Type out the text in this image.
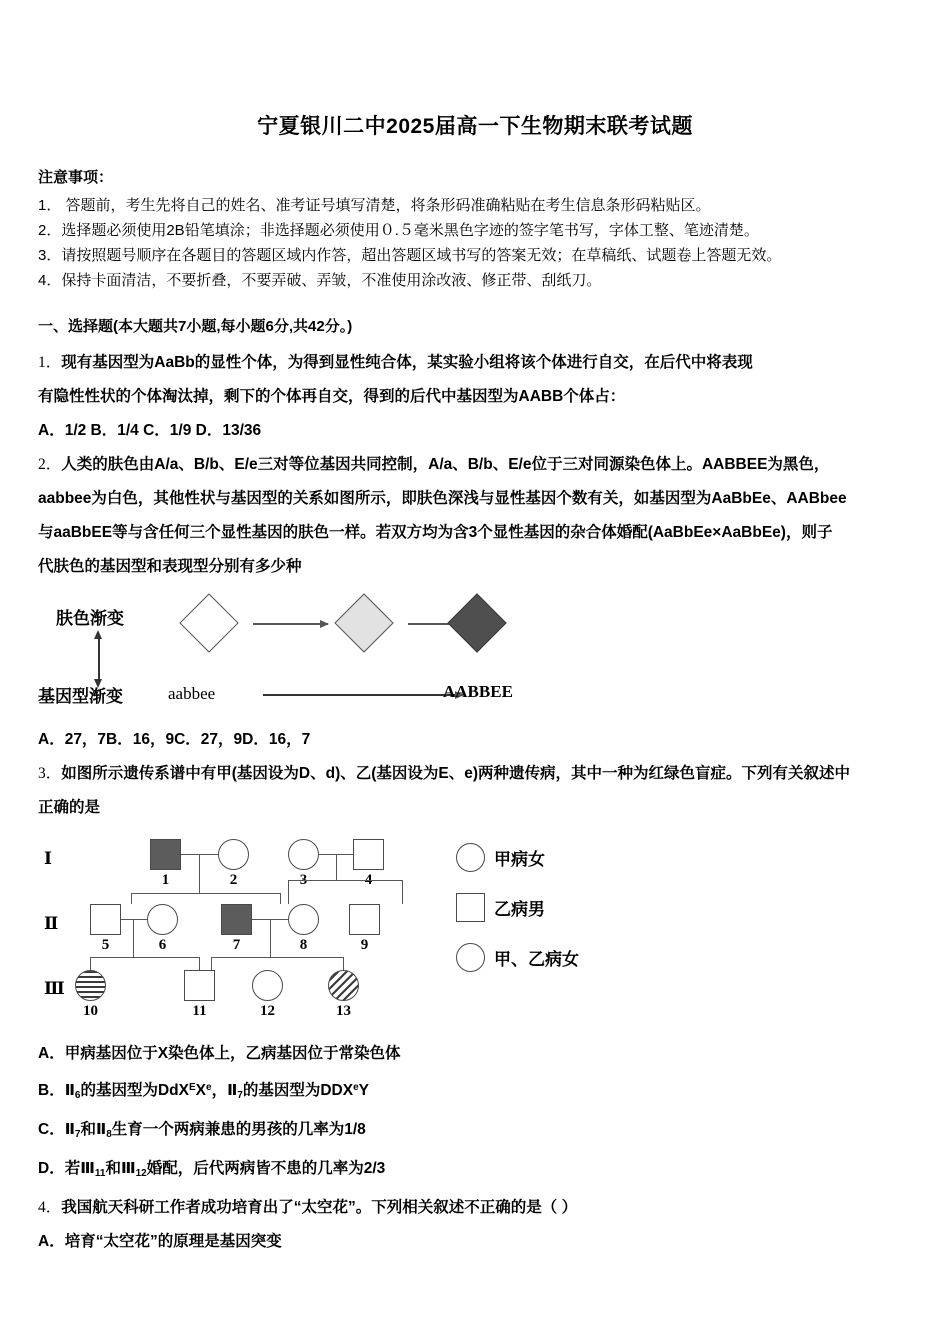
宁夏银川二中2025届高一下生物期末联考试题

注意事项：

1． 答题前，考生先将自己的姓名、准考证号填写清楚，将条形码准确粘贴在考生信息条形码粘贴区。

2．选择题必须使用2B铅笔填涂；非选择题必须使用０.５毫米黑色字迹的签字笔书写，字体工整、笔迹清楚。

3．请按照题号顺序在各题目的答题区域内作答，超出答题区域书写的答案无效；在草稿纸、试题卷上答题无效。

4．保持卡面清洁，不要折叠，不要弄破、弄皱，不准使用涂改液、修正带、刮纸刀。

一、选择题(本大题共7小题,每小题6分,共42分。)

1．现有基因型为AaBb的显性个体，为得到显性纯合体，某实验小组将该个体进行自交，在后代中将表现

有隐性性状的个体淘汰掉，剩下的个体再自交，得到的后代中基因型为AABB个体占：

A．1/2 B．1/4 C．1/9 D．13/36

2．人类的肤色由A/a、B/b、E/e三对等位基因共同控制，A/a、B/b、E/e位于三对同源染色体上。AABBEE为黑色，

aabbee为白色，其他性状与基因型的关系如图所示，即肤色深浅与显性基因个数有关，如基因型为AaBbEe、AABbee

与aaBbEE等与含任何三个显性基因的肤色一样。若双方均为含3个显性基因的杂合体婚配(AaBbEe×AaBbEe)，则子

代肤色的基因型和表现型分别有多少种

肤色渐变
基因型渐变	aabbee	AABBEE

A．27，7B．16，9C．27，9D．16，7

3．如图所示遗传系谱中有甲(基因设为D、d)、乙(基因设为E、e)两种遗传病，其中一种为红绿色盲症。下列有关叙述中

正确的是

Ⅰ
Ⅱ
Ⅲ
1	2
5	6	7	8	9
10	11	12	13
甲病女
乙病男
甲、乙病女

A．甲病基因位于X染色体上，乙病基因位于常染色体

B．$Ⅱ_6$的基因型为DdX$^E$Xe，$Ⅱ_7$的基因型为DDXeY

C．$Ⅱ_7$和$Ⅱ_8$生育一个两病兼患的男孩的几率为1/8

D．若$Ⅲ_{11}$和$Ⅲ_{12}$婚配，后代两病皆不患的几率为2/3

4．我国航天科研工作者成功培育出了“太空花”。下列相关叙述不正确的是（ ）

A．培育“太空花”的原理是基因突变
